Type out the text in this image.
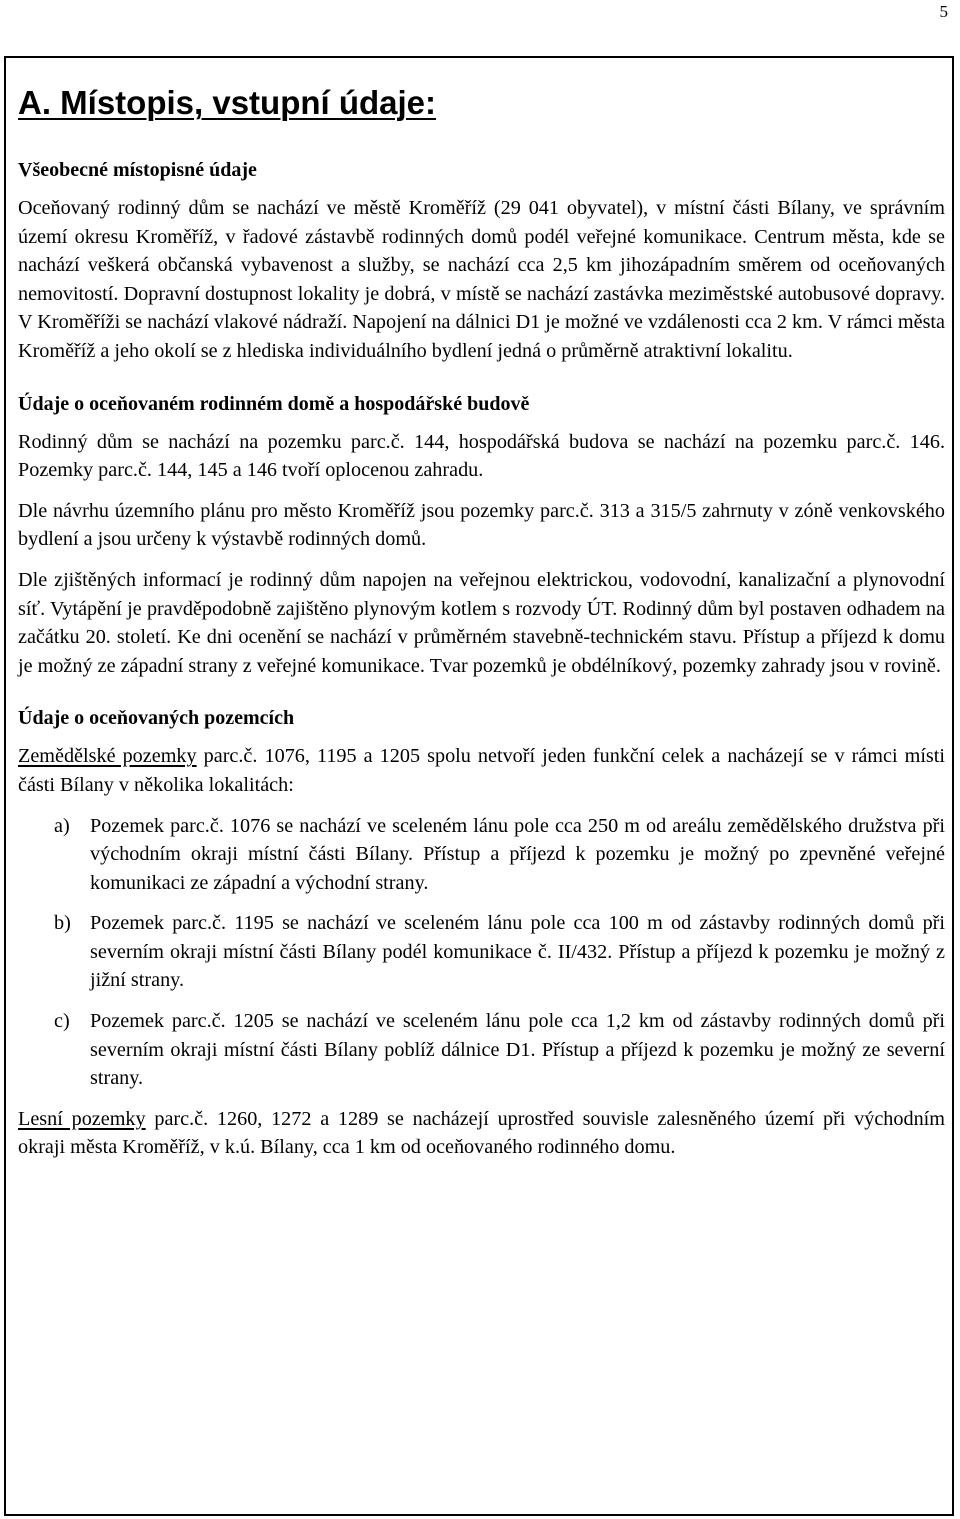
5
A. Místopis, vstupní údaje:
Všeobecné místopisné údaje

Oceňovaný rodinný dům se nachází ve městě Kroměříž (29 041 obyvatel), v místní části Bílany, ve správním území okresu Kroměříž, v řadové zástavbě rodinných domů podél veřejné komunikace. Centrum města, kde se nachází veškerá občanská vybavenost a služby, se nachází cca 2,5 km jihozápadním směrem od oceňovaných nemovitostí. Dopravní dostupnost lokality je dobrá, v místě se nachází zastávka meziměstské autobusové dopravy. V Kroměříži se nachází vlakové nádraží. Napojení na dálnici D1 je možné ve vzdálenosti cca 2 km. V rámci města Kroměříž a jeho okolí se z hlediska individuálního bydlení jedná o průměrně atraktivní lokalitu.

Údaje o oceňovaném rodinném domě a hospodářské budově

Rodinný dům se nachází na pozemku parc.č. 144, hospodářská budova se nachází na pozemku parc.č. 146. Pozemky parc.č. 144, 145 a 146 tvoří oplocenou zahradu.

Dle návrhu územního plánu pro město Kroměříž jsou pozemky parc.č. 313 a 315/5 zahrnuty v zóně venkovského bydlení a jsou určeny k výstavbě rodinných domů.

Dle zjištěných informací je rodinný dům napojen na veřejnou elektrickou, vodovodní, kanalizační a plynovodní síť. Vytápění je pravděpodobně zajištěno plynovým kotlem s rozvody ÚT. Rodinný dům byl postaven odhadem na začátku 20. století. Ke dni ocenění se nachází v průměrném stavebně-technickém stavu. Přístup a příjezd k domu je možný ze západní strany z veřejné komunikace. Tvar pozemků je obdélníkový, pozemky zahrady jsou v rovině.

Údaje o oceňovaných pozemcích

Zemědělské pozemky parc.č. 1076, 1195 a 1205 spolu netvoří jeden funkční celek a nacházejí se v rámci místi části Bílany v několika lokalitách:

a)	Pozemek parc.č. 1076 se nachází ve sceleném lánu pole cca 250 m od areálu zemědělského družstva při východním okraji místní části Bílany. Přístup a příjezd k pozemku je možný po zpevněné veřejné komunikaci ze západní a východní strany.
b) Pozemek parc.č. 1195 se nachází ve sceleném lánu pole cca 100 m od zástavby rodinných domů při severním okraji místní části Bílany podél komunikace č. II/432. Přístup a příjezd k pozemku je možný z jižní strany.
c)	Pozemek parc.č. 1205 se nachází ve sceleném lánu pole cca 1,2 km od zástavby rodinných domů při severním okraji místní části Bílany poblíž dálnice D1. Přístup a příjezd k pozemku je možný ze severní strany.

Lesní pozemky parc.č. 1260, 1272 a 1289 se nacházejí uprostřed souvisle zalesněného území při východním okraji města Kroměříž, v k.ú. Bílany, cca 1 km od oceňovaného rodinného domu.
